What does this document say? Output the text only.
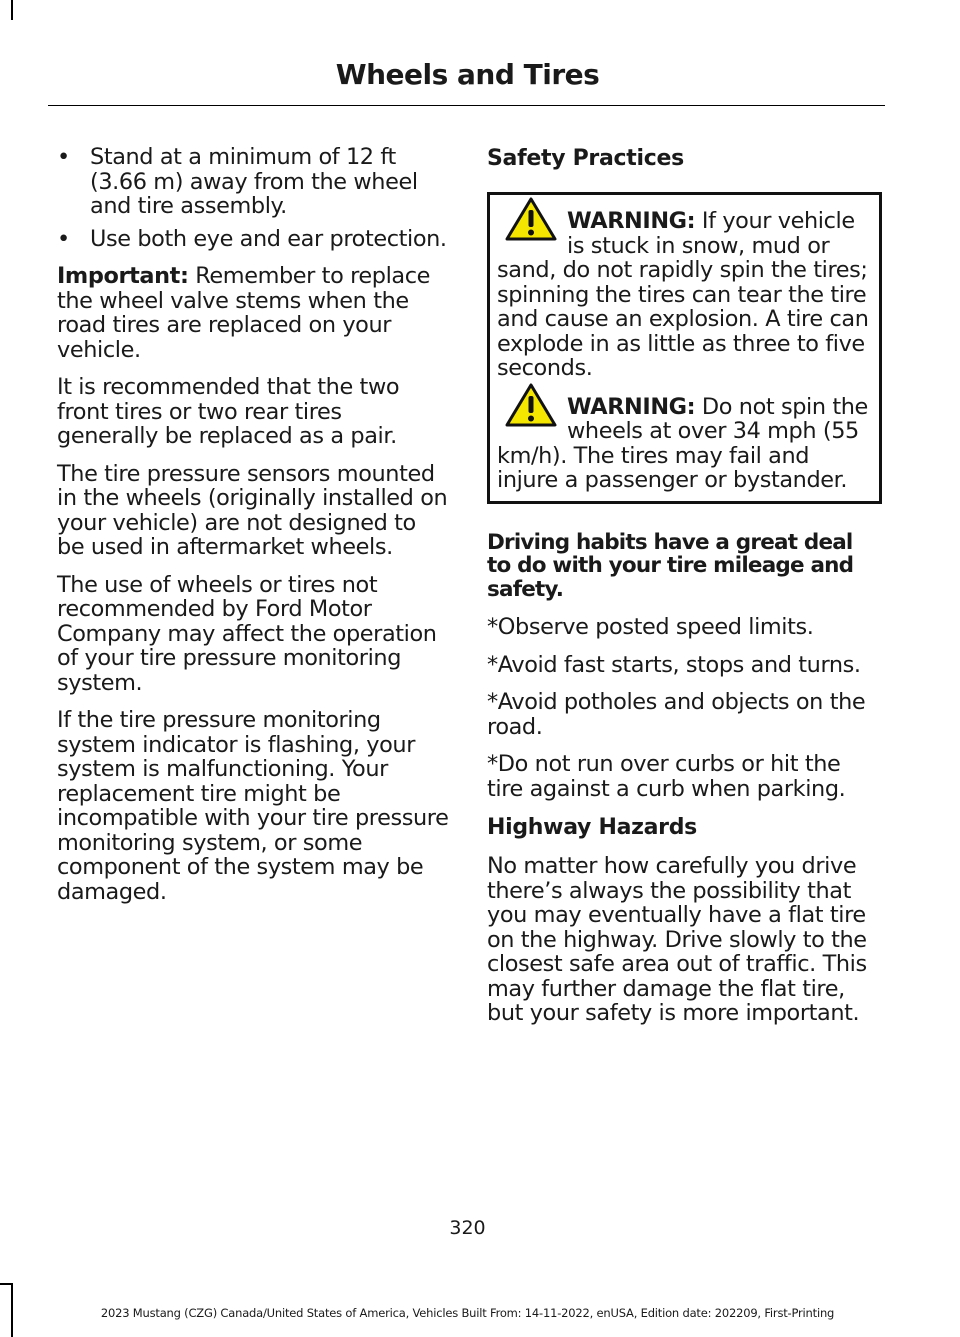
Wheels and Tires
• Stand at a minimum of 12 ft (3.66 m) away from the wheel and tire assembly.
• Use both eye and ear protection.

Important: Remember to replace the wheel valve stems when the road tires are replaced on your vehicle.

It is recommended that the two front tires or two rear tires generally be replaced as a pair.

The tire pressure sensors mounted in the wheels (originally installed on your vehicle) are not designed to be used in aftermarket wheels.

The use of wheels or tires not recommended by Ford Motor Company may affect the operation of your tire pressure monitoring system.

If the tire pressure monitoring system indicator is flashing, your system is malfunctioning. Your replacement tire might be incompatible with your tire pressure monitoring system, or some component of the system may be damaged.

Safety Practices
WARNING: If your vehicle is stuck in snow, mud or sand, do not rapidly spin the tires; spinning the tires can tear the tire and cause an explosion. A tire can explode in as little as three to five seconds.
WARNING: Do not spin the wheels at over 34 mph (55 km/h). The tires may fail and injure a passenger or bystander.
Driving habits have a great deal to do with your tire mileage and safety.

*Observe posted speed limits.

*Avoid fast starts, stops and turns.

*Avoid potholes and objects on the road.

*Do not run over curbs or hit the tire against a curb when parking.

Highway Hazards

No matter how carefully you drive there’s always the possibility that you may eventually have a flat tire on the highway. Drive slowly to the closest safe area out of traffic. This may further damage the flat tire, but your safety is more important.

320
2023 Mustang (CZG) Canada/United States of America, Vehicles Built From: 14-11-2022, enUSA, Edition date: 202209, First-Printing
